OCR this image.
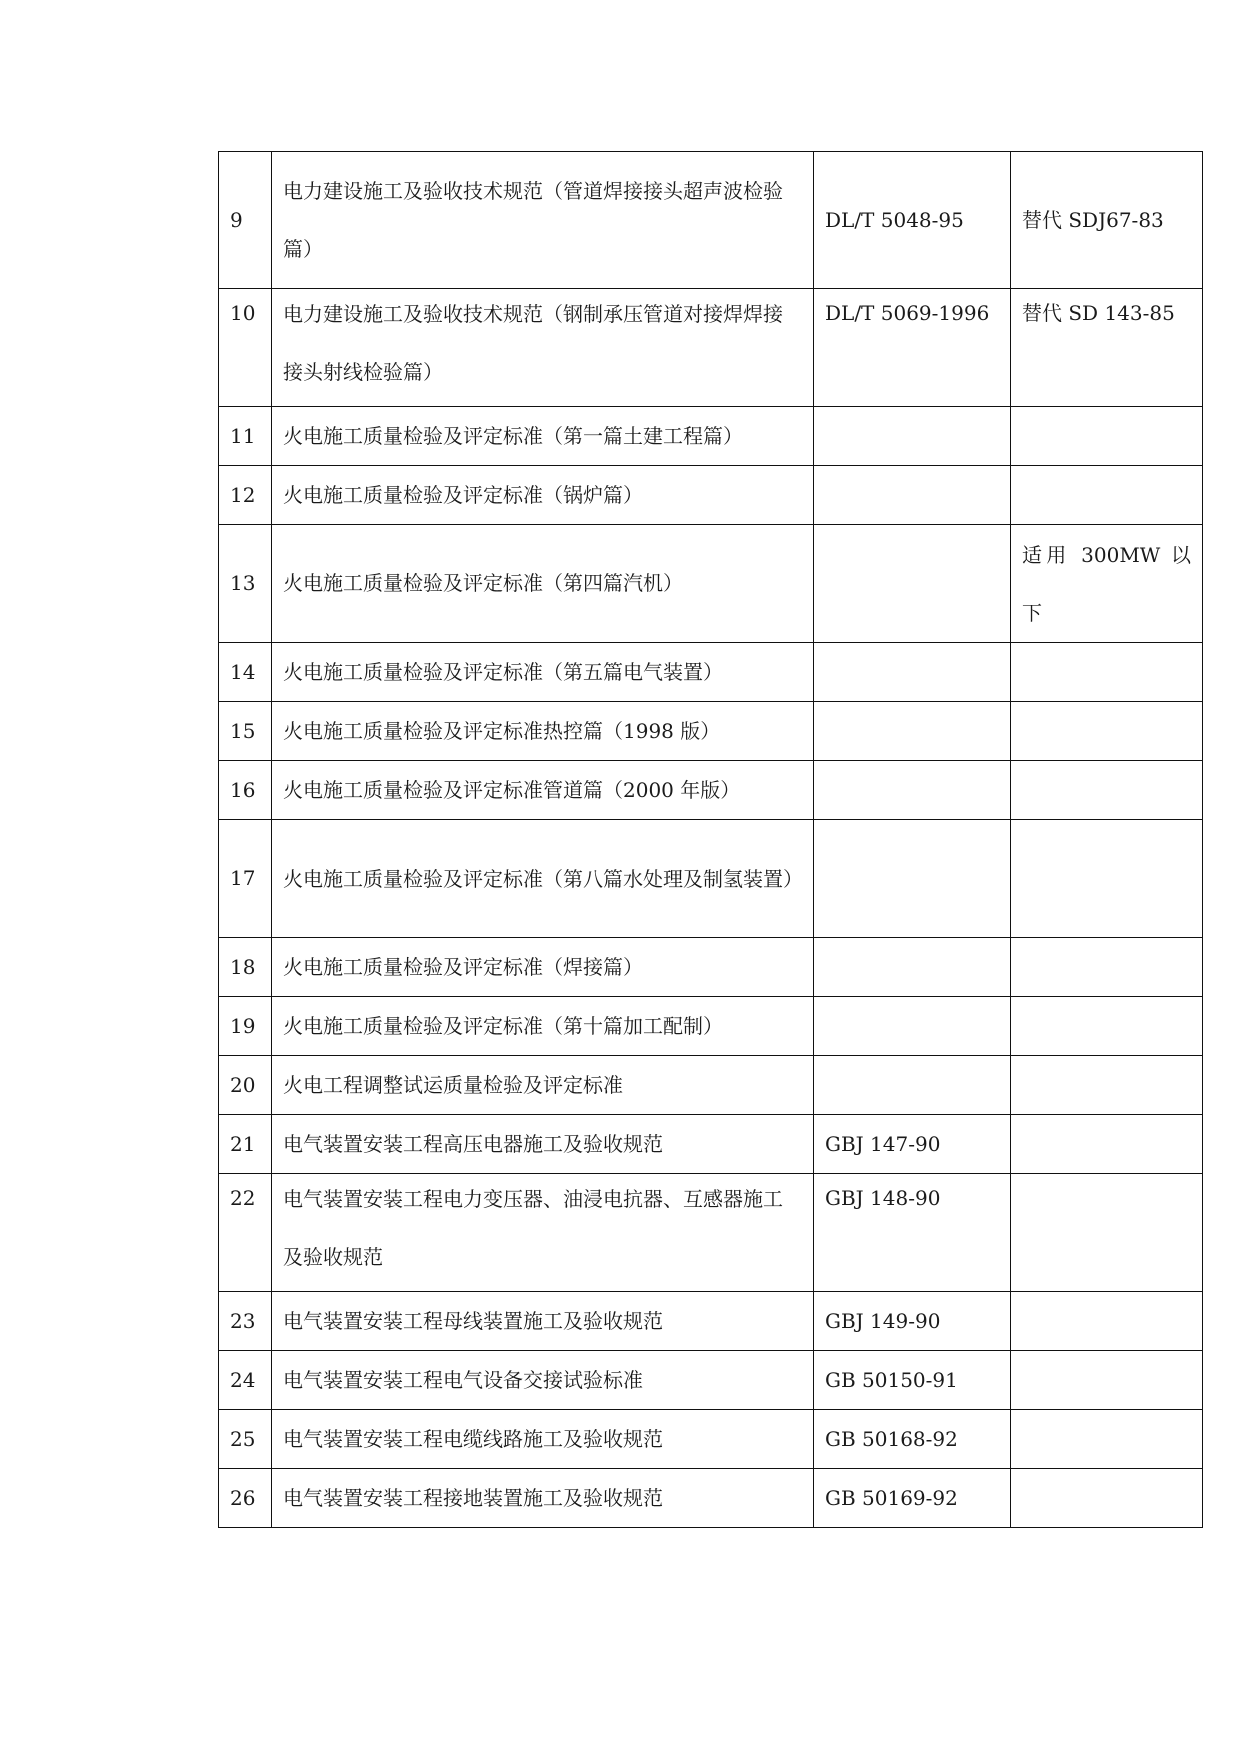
9	电力建设施工及验收技术规范（管道焊接接头超声波检验篇）	DL/T 5048-95	替代 SDJ67-83
10	电力建设施工及验收技术规范（钢制承压管道对接焊焊接接头射线检验篇）	DL/T 5069-1996	替代 SD 143-85
11	火电施工质量检验及评定标准（第一篇土建工程篇）		
12	火电施工质量检验及评定标准（锅炉篇）		
13	火电施工质量检验及评定标准（第四篇汽机）		适用 300MW 以下

14	火电施工质量检验及评定标准（第五篇电气装置）		
15	火电施工质量检验及评定标准热控篇（1998 版）		
16	火电施工质量检验及评定标准管道篇（2000 年版）		
17	火电施工质量检验及评定标准（第八篇水处理及制氢装置）		

18	火电施工质量检验及评定标准（焊接篇）		
19	火电施工质量检验及评定标准（第十篇加工配制）		
20	火电工程调整试运质量检验及评定标准		
21	电气装置安装工程高压电器施工及验收规范	GBJ 147-90	
22	电气装置安装工程电力变压器、油浸电抗器、互感器施工及验收规范	GBJ 148-90	
23	电气装置安装工程母线装置施工及验收规范	GBJ 149-90	
24	电气装置安装工程电气设备交接试验标准	GB 50150-91	
25	电气装置安装工程电缆线路施工及验收规范	GB 50168-92	
26	电气装置安装工程接地装置施工及验收规范	GB 50169-92	
